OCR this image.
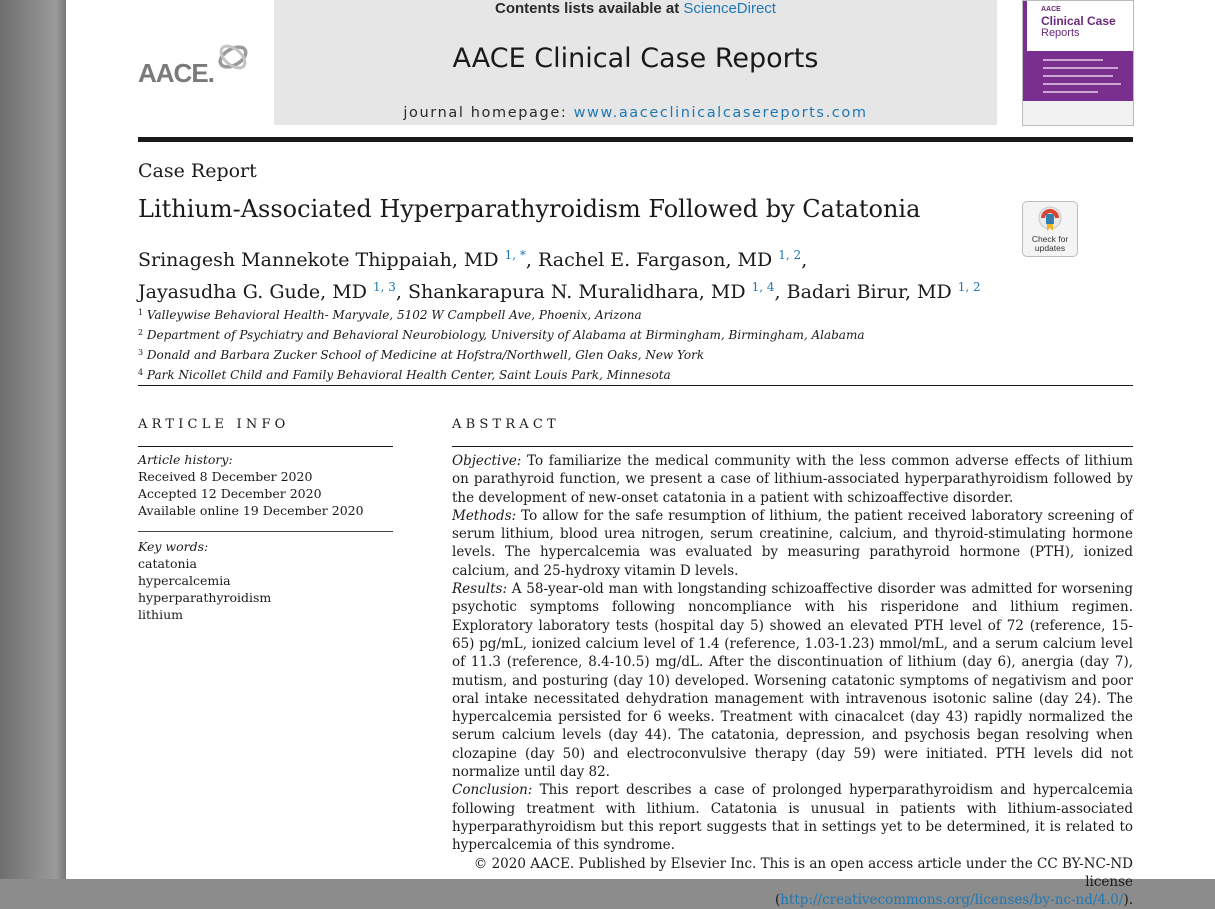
AACE.
Contents lists available at ScienceDirect
AACE Clinical Case Reports
journal homepage: www.aaceclinicalcasereports.com
AACE
Clinical Case
Reports
Case Report
Lithium-Associated Hyperparathyroidism Followed by Catatonia
Check for
updates
Srinagesh Mannekote Thippaiah, MD $^{1, *}$, Rachel E. Fargason, MD $^{1, 2}$,
Jayasudha G. Gude, MD $^{1, 3}$, Shankarapura N. Muralidhara, MD $^{1, 4}$, Badari Birur, MD $^{1, 2}$
$^1$ Valleywise Behavioral Health- Maryvale, 5102 W Campbell Ave, Phoenix, Arizona
$^2$ Department of Psychiatry and Behavioral Neurobiology, University of Alabama at Birmingham, Birmingham, Alabama
$^3$ Donald and Barbara Zucker School of Medicine at Hofstra/Northwell, Glen Oaks, New York
$^4$ Park Nicollet Child and Family Behavioral Health Center, Saint Louis Park, Minnesota
ARTICLE INFO
Article history:
Received 8 December 2020
Accepted 12 December 2020
Available online 19 December 2020
Key words:
catatonia
hypercalcemia
hyperparathyroidism
lithium
ABSTRACT

Objective: To familiarize the medical community with the less common adverse effects of lithium on parathyroid function, we present a case of lithium-associated hyperparathyroidism followed by the development of new-onset catatonia in a patient with schizoaffective disorder.

Methods: To allow for the safe resumption of lithium, the patient received laboratory screening of serum lithium, blood urea nitrogen, serum creatinine, calcium, and thyroid-stimulating hormone levels. The hypercalcemia was evaluated by measuring parathyroid hormone (PTH), ionized calcium, and 25-hydroxy vitamin D levels.

Results: A 58-year-old man with longstanding schizoaffective disorder was admitted for worsening psychotic symptoms following noncompliance with his risperidone and lithium regimen. Exploratory laboratory tests (hospital day 5) showed an elevated PTH level of 72 (reference, 15-65) pg/mL, ionized calcium level of 1.4 (reference, 1.03-1.23) mmol/mL, and a serum calcium level of 11.3 (reference, 8.4-10.5) mg/dL. After the discontinuation of lithium (day 6), anergia (day 7), mutism, and posturing (day 10) developed. Worsening catatonic symptoms of negativism and poor oral intake necessitated dehydration management with intravenous isotonic saline (day 24). The hypercalcemia persisted for 6 weeks. Treatment with cinacalcet (day 43) rapidly normalized the serum calcium levels (day 44). The catatonia, depression, and psychosis began resolving when clozapine (day 50) and electroconvulsive therapy (day 59) were initiated. PTH levels did not normalize until day 82.

Conclusion: This report describes a case of prolonged hyperparathyroidism and hypercalcemia following treatment with lithium. Catatonia is unusual in patients with lithium-associated hyperparathyroidism but this report suggests that in settings yet to be determined, it is related to hypercalcemia of this syndrome.

© 2020 AACE. Published by Elsevier Inc. This is an open access article under the CC BY-NC-ND license

(http://creativecommons.org/licenses/by-nc-nd/4.0/).
